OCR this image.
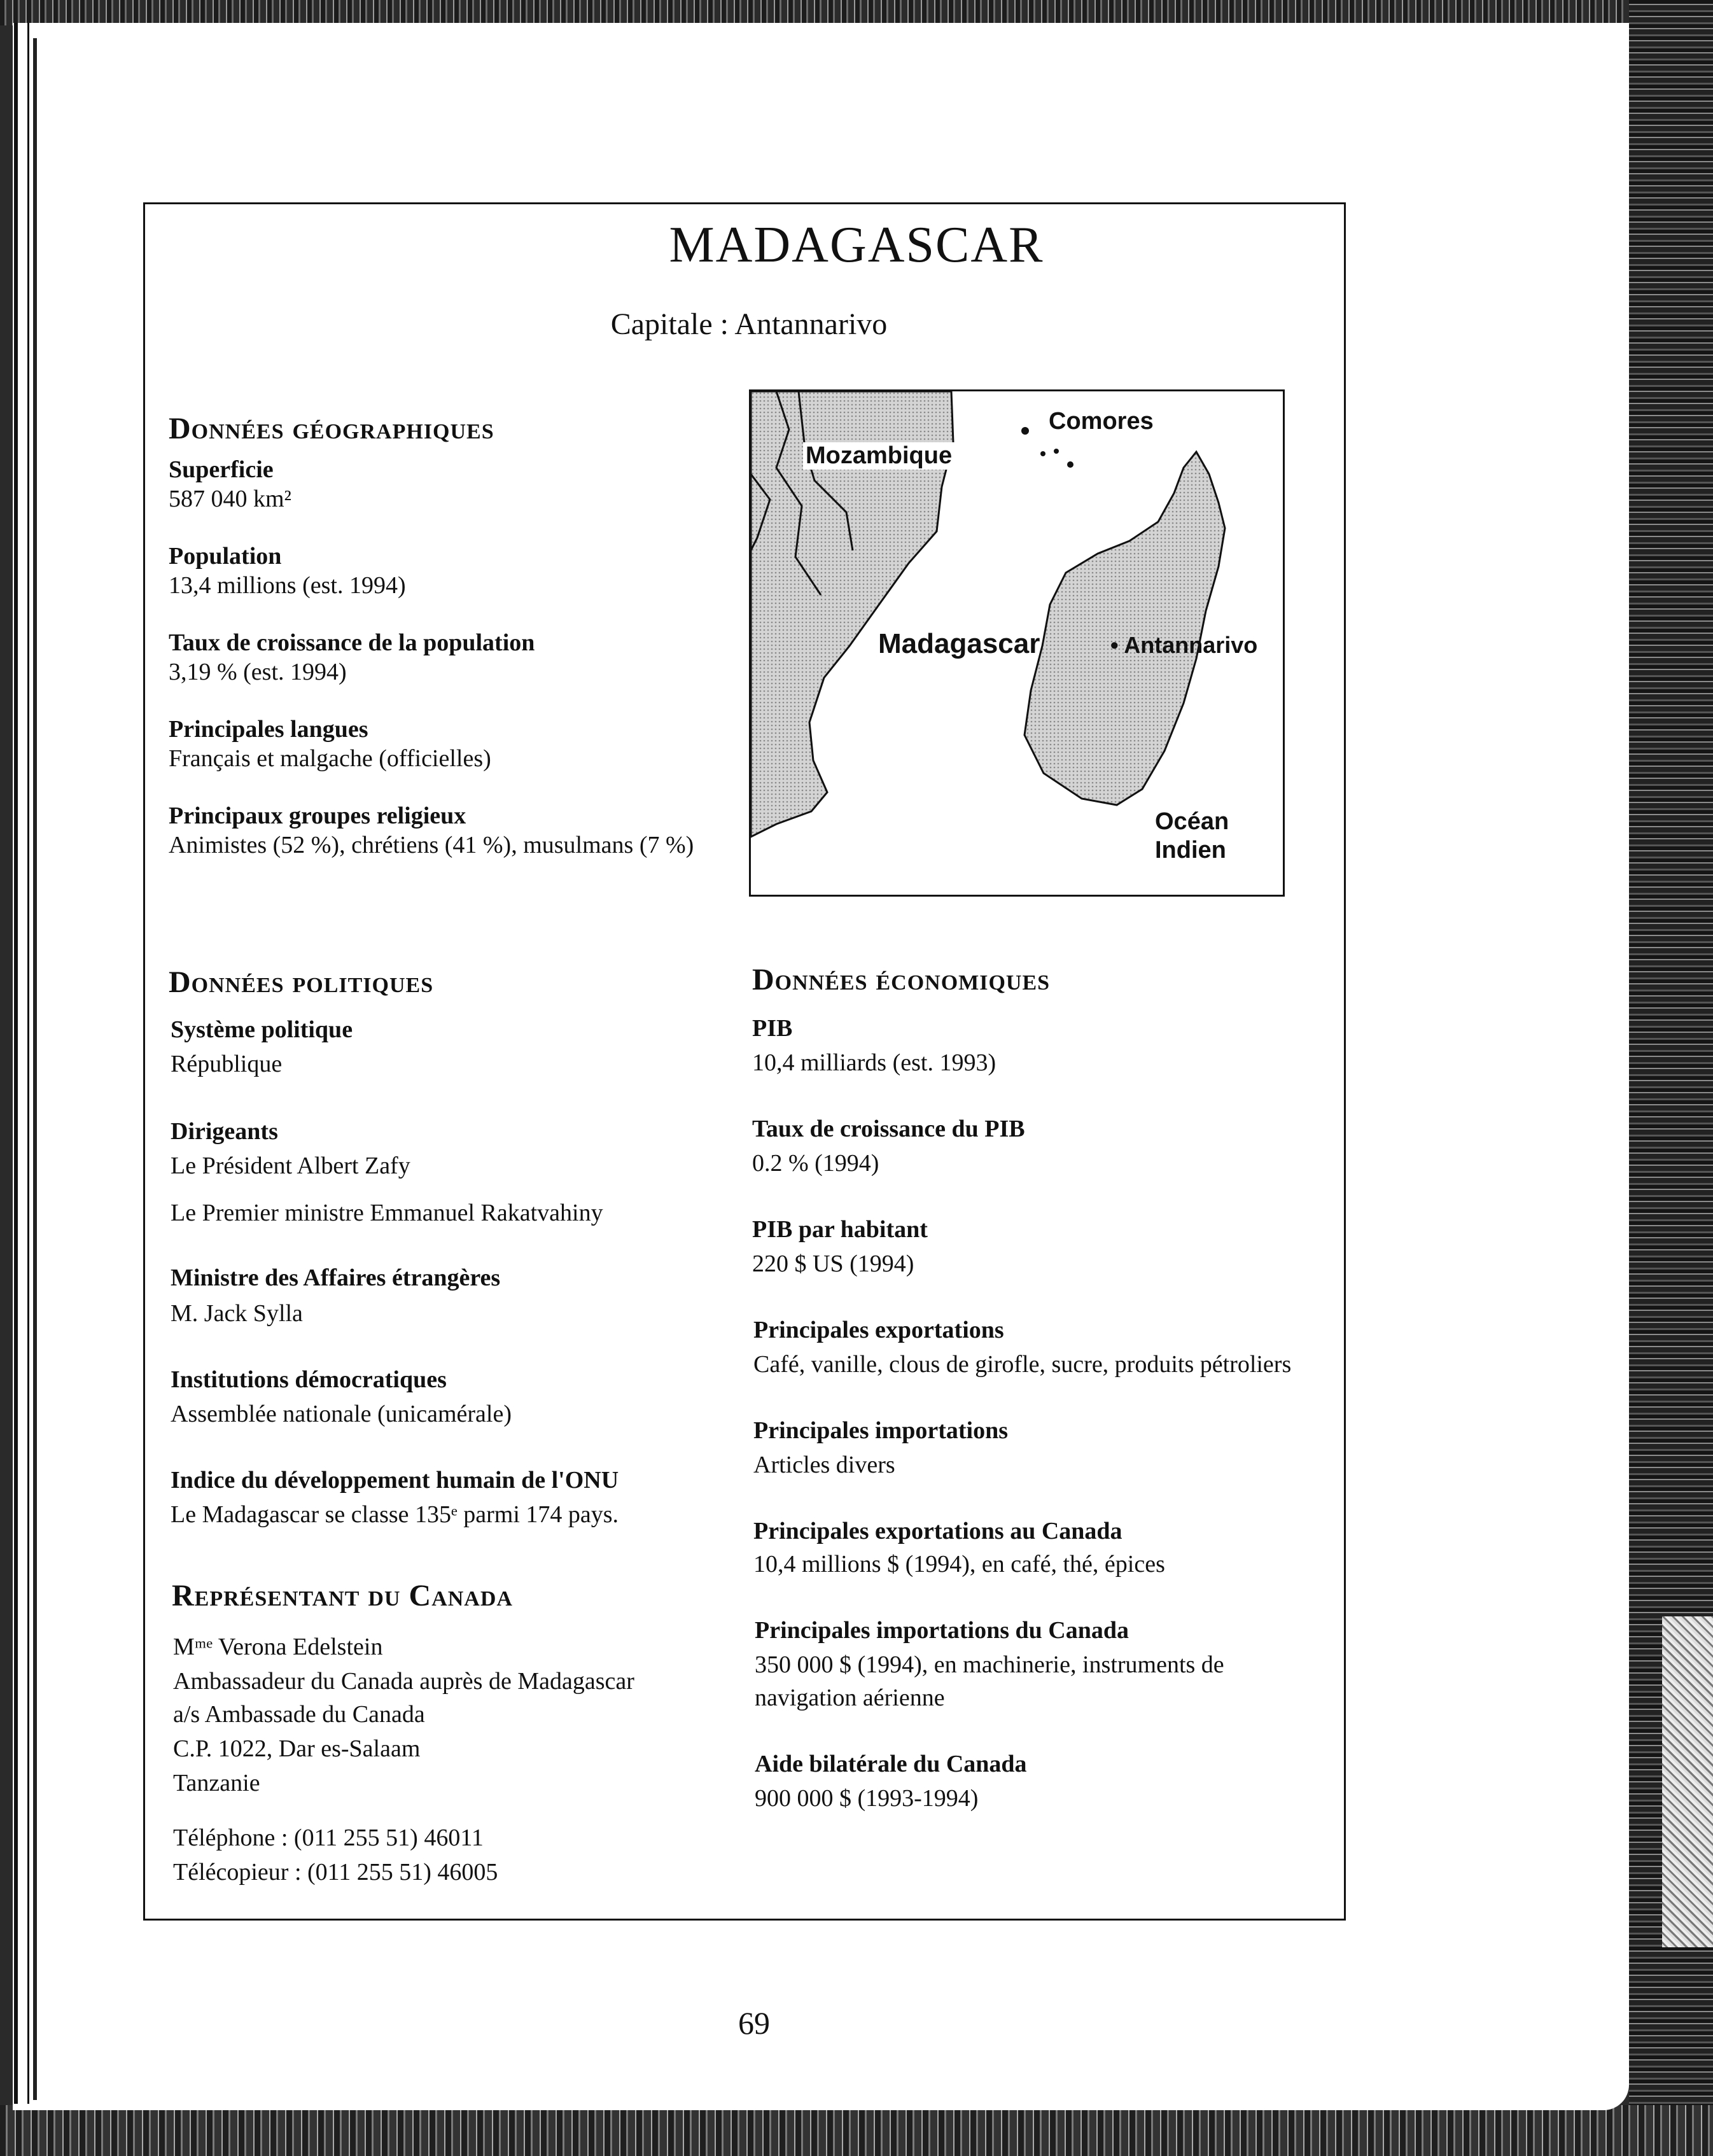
MADAGASCAR
Capitale : Antannarivo
Données géographiques
Superficie
587 040 km²
Population
13,4 millions (est. 1994)
Taux de croissance de la population
3,19 % (est. 1994)
Principales langues
Français et malgache (officielles)
Principaux groupes religieux
Animistes (52 %), chrétiens (41 %), musulmans (7 %)
Mozambique
Comores
Madagascar	• Antannarivo
Océan
Indien
Données politiques
Système politique
République
Dirigeants
Le Président Albert Zafy
Le Premier ministre Emmanuel Rakatvahiny
Ministre des Affaires étrangères
M. Jack Sylla
Institutions démocratiques
Assemblée nationale (unicamérale)
Indice du développement humain de l'ONU
Le Madagascar se classe 135ᵉ parmi 174 pays.
Représentant du Canada
Mᵐᵉ Verona Edelstein
Ambassadeur du Canada auprès de Madagascar
a/s Ambassade du Canada
C.P. 1022, Dar es-Salaam
Tanzanie
Téléphone : (011 255 51) 46011
Télécopieur : (011 255 51) 46005
Données économiques
PIB
10,4 milliards (est. 1993)
Taux de croissance du PIB
0.2 % (1994)
PIB par habitant
220 $ US (1994)
Principales exportations
Café, vanille, clous de girofle, sucre, produits pétroliers
Principales importations
Articles divers
Principales exportations au Canada
10,4 millions $ (1994), en café, thé, épices
Principales importations du Canada
350 000 $ (1994), en machinerie, instruments de
navigation aérienne
Aide bilatérale du Canada
900 000 $ (1993-1994)
69
